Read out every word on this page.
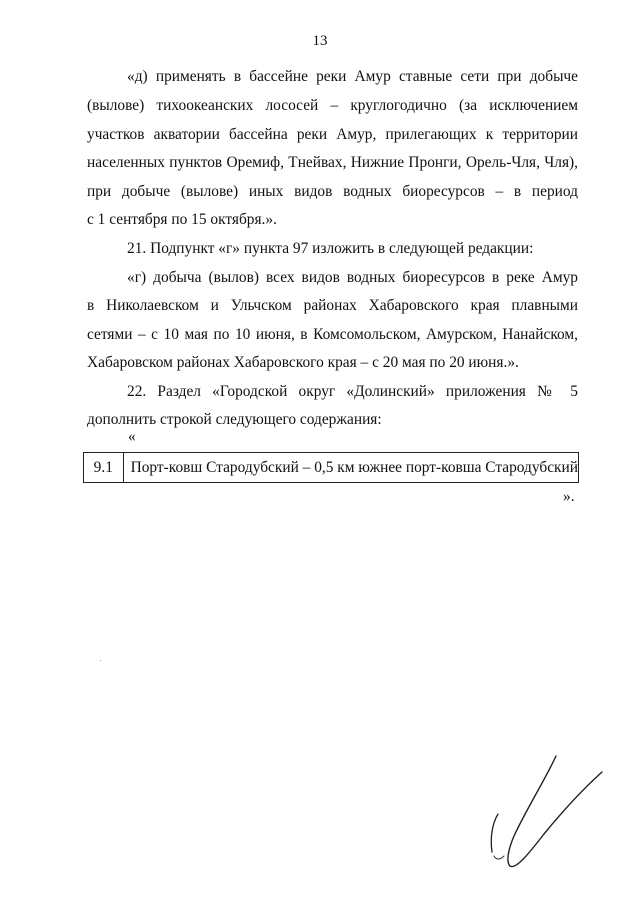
13
«д) применять в бассейне реки Амур ставные сети при добыче
(вылове) тихоокеанских лососей – круглогодично (за исключением
участков акватории бассейна реки Амур, прилегающих к территории
населенных пунктов Оремиф, Тнейвах, Нижние Пронги, Орель-Чля, Чля),
при добыче (вылове) иных видов водных биоресурсов – в период
с 1 сентября по 15 октября.».
21. Подпункт «г» пункта 97 изложить в следующей редакции:
«г) добыча (вылов) всех видов водных биоресурсов в реке Амур
в Николаевском и Ульчском районах Хабаровского края плавными
сетями – с 10 мая по 10 июня, в Комсомольском, Амурском, Нанайском,
Хабаровском районах Хабаровского края – с 20 мая по 20 июня.».
22. Раздел «Городской округ «Долинский» приложения № 5
дополнить строкой следующего содержания:
«
9.1	Порт-ковш Стародубский – 0,5 км южнее порт-ковша Стародубский
».
